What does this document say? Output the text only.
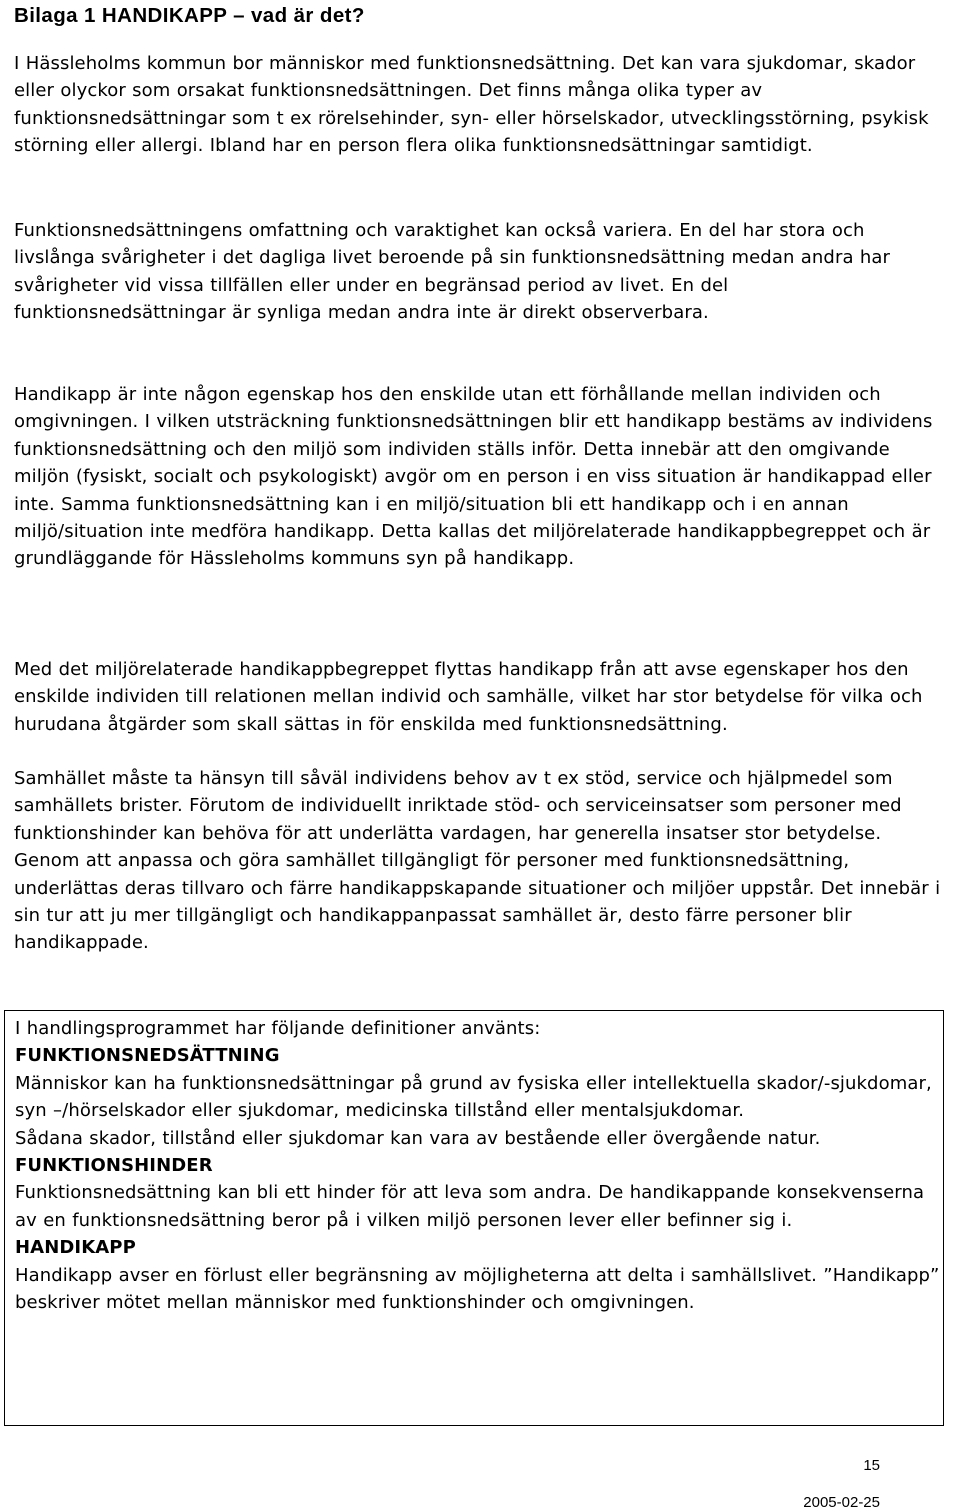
Bilaga 1 HANDIKAPP – vad är det?

I Hässleholms kommun bor människor med funktionsnedsättning. Det kan vara sjukdomar, skador eller olyckor som orsakat funktionsnedsättningen. Det finns många olika typer av funktionsnedsättningar som t ex rörelsehinder, syn- eller hörselskador, utvecklingsstörning, psykisk störning eller allergi. Ibland har en person flera olika funktionsnedsättningar samtidigt.

Funktionsnedsättningens omfattning och varaktighet kan också variera. En del har stora och livslånga svårigheter i det dagliga livet beroende på sin funktionsnedsättning medan andra har svårigheter vid vissa tillfällen eller under en begränsad period av livet. En del funktionsnedsättningar är synliga medan andra inte är direkt observerbara.

Handikapp är inte någon egenskap hos den enskilde utan ett förhållande mellan individen och omgivningen. I vilken utsträckning funktionsnedsättningen blir ett handikapp bestäms av individens funktionsnedsättning och den miljö som individen ställs inför. Detta innebär att den omgivande miljön (fysiskt, socialt och psykologiskt) avgör om en person i en viss situation är handikappad eller inte. Samma funktionsnedsättning kan i en miljö/situation bli ett handikapp och i en annan miljö/situation inte medföra handikapp. Detta kallas det miljörelaterade handikappbegreppet och är grundläggande för Hässleholms kommuns syn på handikapp.

Med det miljörelaterade handikappbegreppet flyttas handikapp från att avse egenskaper hos den enskilde individen till relationen mellan individ och samhälle, vilket har stor betydelse för vilka och hurudana åtgärder som skall sättas in för enskilda med funktionsnedsättning.

Samhället måste ta hänsyn till såväl individens behov av t ex stöd, service och hjälpmedel som samhällets brister. Förutom de individuellt inriktade stöd- och serviceinsatser som personer med funktionshinder kan behöva för att underlätta vardagen, har generella insatser stor betydelse. Genom att anpassa och göra samhället tillgängligt för personer med funktionsnedsättning, underlättas deras tillvaro och färre handikappskapande situationer och miljöer uppstår. Det innebär i sin tur att ju mer tillgängligt och handikappanpassat samhället är, desto färre personer blir handikappade.

I handlingsprogrammet har följande definitioner använts:

FUNKTIONSNEDSÄTTNING

Människor kan ha funktionsnedsättningar på grund av fysiska eller intellektuella skador/-sjukdomar, syn –/hörselskador eller sjukdomar, medicinska tillstånd eller mentalsjukdomar.

Sådana skador, tillstånd eller sjukdomar kan vara av bestående eller övergående natur.

FUNKTIONSHINDER

Funktionsnedsättning kan bli ett hinder för att leva som andra. De handikappande konsekvenserna av en funktionsnedsättning beror på i vilken miljö personen lever eller befinner sig i.

HANDIKAPP

Handikapp avser en förlust eller begränsning av möjligheterna att delta i samhällslivet. ”Handikapp” beskriver mötet mellan människor med funktionshinder och omgivningen.

15
2005-02-25
